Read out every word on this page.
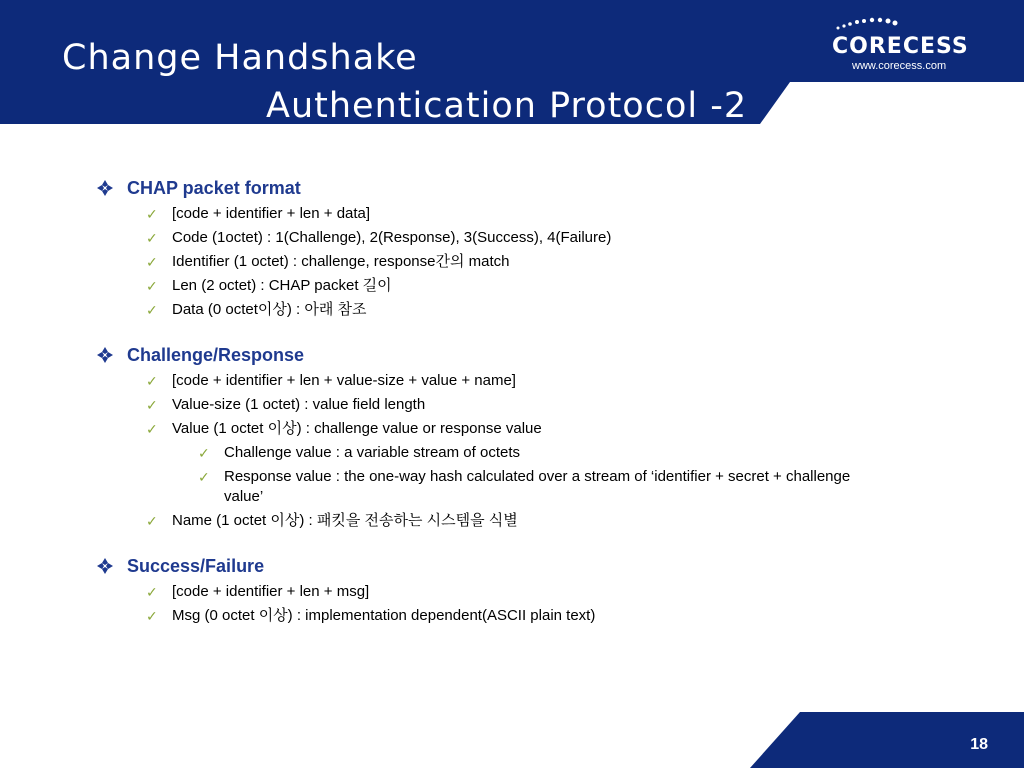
Change Handshake
Authentication Protocol -2
CORECESS
www.corecess.com
CHAP packet format
✓ [code + identifier + len + data]
✓ Code (1octet) : 1(Challenge), 2(Response), 3(Success), 4(Failure)
✓ Identifier (1 octet) : challenge, response간의 match
✓ Len (2 octet) : CHAP packet 길이
✓ Data (0 octet이상) : 아래 참조
Challenge/Response
✓ [code + identifier + len + value-size + value + name]
✓ Value-size (1 octet) : value field length
✓ Value (1 octet 이상) : challenge value or response value
✓ Challenge value : a variable stream of octets
✓ Response value : the one-way hash calculated over a stream of ‘identifier + secret + challenge value’
✓ Name (1 octet 이상) : 패킷을 전송하는 시스템을 식별
Success/Failure
✓ [code + identifier + len + msg]
✓ Msg (0 octet 이상) : implementation dependent(ASCII plain text)
18
